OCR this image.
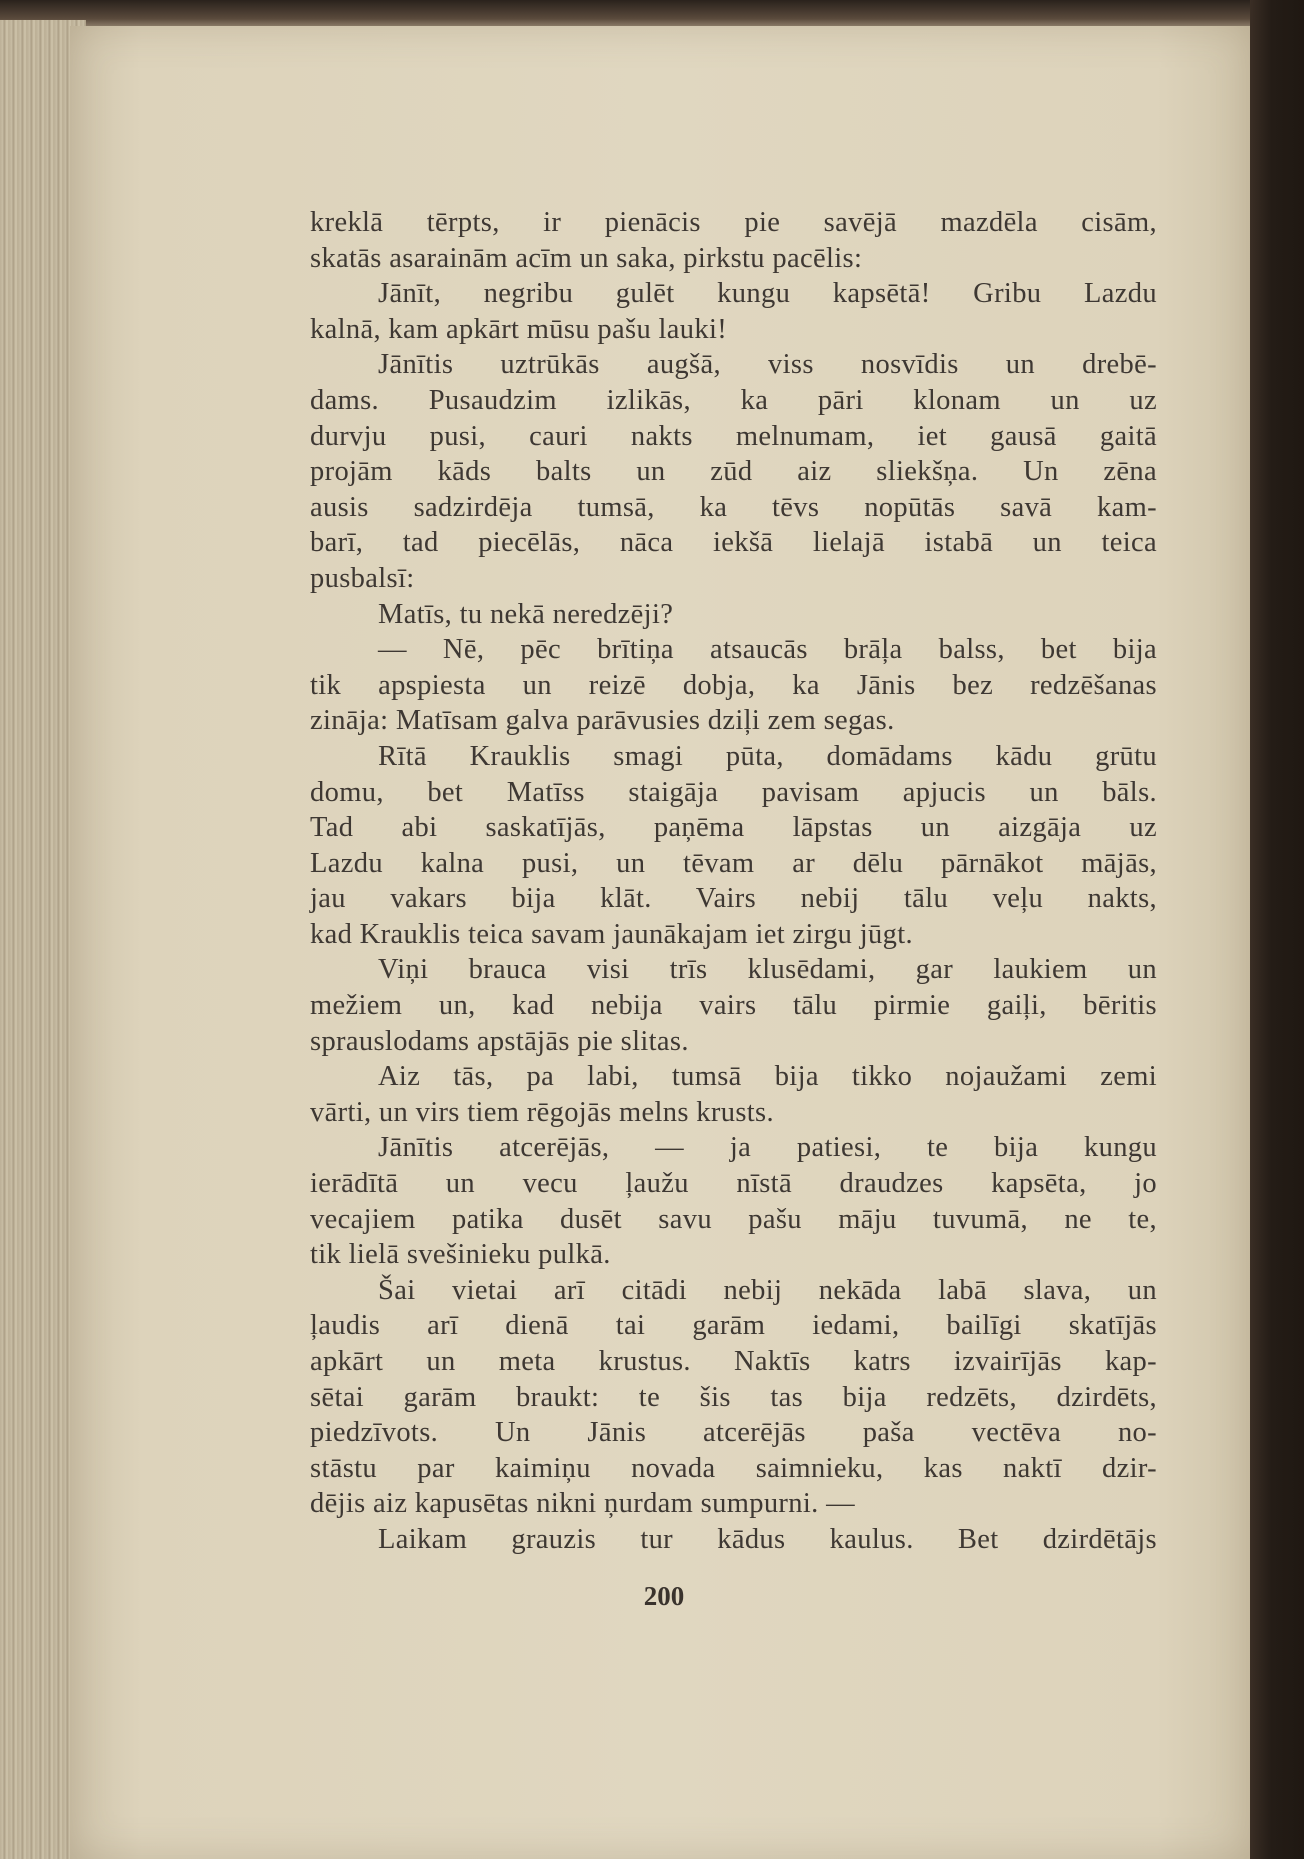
kreklā tērpts, ir pienācis pie savējā mazdēla cisām,
skatās asarainām acīm un saka, pirkstu pacēlis:
Jānīt, negribu gulēt kungu kapsētā! Gribu Lazdu
kalnā, kam apkārt mūsu pašu lauki!
Jānītis uztrūkās augšā, viss nosvīdis un drebē-
dams. Pusaudzim izlikās, ka pāri klonam un uz
durvju pusi, cauri nakts melnumam, iet gausā gaitā
projām kāds balts un zūd aiz sliekšņa. Un zēna
ausis sadzirdēja tumsā, ka tēvs nopūtās savā kam-
barī, tad piecēlās, nāca iekšā lielajā istabā un teica
pusbalsī:
Matīs, tu nekā neredzēji?
— Nē, pēc brītiņa atsaucās brāļa balss, bet bija
tik apspiesta un reizē dobja, ka Jānis bez redzēšanas
zināja: Matīsam galva parāvusies dziļi zem segas.
Rītā Krauklis smagi pūta, domādams kādu grūtu
domu, bet Matīss staigāja pavisam apjucis un bāls.
Tad abi saskatījās, paņēma lāpstas un aizgāja uz
Lazdu kalna pusi, un tēvam ar dēlu pārnākot mājās,
jau vakars bija klāt. Vairs nebij tālu veļu nakts,
kad Krauklis teica savam jaunākajam iet zirgu jūgt.
Viņi brauca visi trīs klusēdami, gar laukiem un
mežiem un, kad nebija vairs tālu pirmie gaiļi, bēritis
sprauslodams apstājās pie slitas.
Aiz tās, pa labi, tumsā bija tikko nojaužami zemi
vārti, un virs tiem rēgojās melns krusts.
Jānītis atcerējās, — ja patiesi, te bija kungu
ierādītā un vecu ļaužu nīstā draudzes kapsēta, jo
vecajiem patika dusēt savu pašu māju tuvumā, ne te,
tik lielā svešinieku pulkā.
Šai vietai arī citādi nebij nekāda labā slava, un
ļaudis arī dienā tai garām iedami, bailīgi skatījās
apkārt un meta krustus. Naktīs katrs izvairījās kap-
sētai garām braukt: te šis tas bija redzēts, dzirdēts,
piedzīvots. Un Jānis atcerējās paša vectēva no-
stāstu par kaimiņu novada saimnieku, kas naktī dzir-
dējis aiz kapusētas nikni ņurdam sumpurni. —
Laikam grauzis tur kādus kaulus. Bet dzirdētājs
200
